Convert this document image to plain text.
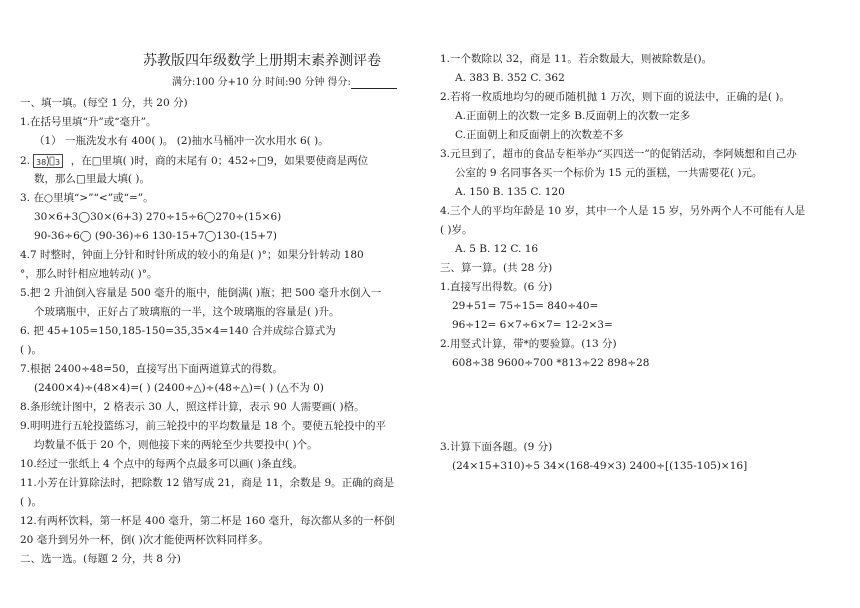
苏教版四年级数学上册期末素养测评卷
满分:100 分+10 分 时间:90 分钟 得分:
一、填一填。(每空 1 分，共 20 分)
1.在括号里填“升”或“毫升”。
（1） 一瓶洗发水有 400( )。 (2)抽水马桶冲一次水用水 6( )。
2. 38 3 ，在□里填( )时，商的末尾有 0；452÷□9，如果要使商是两位
数，那么□里最大填( )。
3. 在○里填“>”“<”或“=”。
30×6+3◯30×(6+3) 270÷15÷6◯270÷(15×6)
90-36÷6◯ (90-36)÷6 130-15+7◯130-(15+7)
4.7 时整时，钟面上分针和时针所成的较小的角是( )°；如果分针转动 180
°，那么时针相应地转动( )°。
5.把 2 升油倒入容量是 500 毫升的瓶中，能倒满( )瓶；把 500 毫升水倒入一
个玻璃瓶中，正好占了玻璃瓶的一半，这个玻璃瓶的容量是( )升。
6. 把 45+105=150,185-150=35,35×4=140 合并成综合算式为
( )。
7.根据 2400÷48=50，直接写出下面两道算式的得数。
(2400×4)÷(48×4)=( ) (2400÷△)÷(48÷△)=( ) (△不为 0)
8.条形统计图中，2 格表示 30 人，照这样计算，表示 90 人需要画( )格。
9.明明进行五轮投篮练习，前三轮投中的平均数量是 18 个。要使五轮投中的平
均数量不低于 20 个，则他接下来的两轮至少共要投中( )个。
10.经过一张纸上 4 个点中的每两个点最多可以画( )条直线。
11.小芳在计算除法时，把除数 12 错写成 21，商是 11，余数是 9。正确的商是
( )。
12.有两杯饮料，第一杯是 400 毫升，第二杯是 160 毫升，每次都从多的一杯倒
20 毫升到另外一杯，倒( )次才能使两杯饮料同样多。
二、选一选。(每题 2 分，共 8 分)
1.一个数除以 32，商是 11。若余数最大，则被除数是()。
A. 383 B. 352 C. 362
2.若将一枚质地均匀的硬币随机抛 1 万次，则下面的说法中，正确的是( )。
A.正面朝上的次数一定多 B.反面朝上的次数一定多
C.正面朝上和反面朝上的次数差不多
3.元旦到了，超市的食品专柜举办“买四送一”的促销活动，李阿姨想和自己办
公室的 9 名同事各买一个标价为 15 元的蛋糕，一共需要花( )元。
A. 150 B. 135 C. 120
4.三个人的平均年龄是 10 岁，其中一个人是 15 岁，另外两个人不可能有人是
( )岁。
A. 5 B. 12 C. 16
三、算一算。(共 28 分)
1.直接写出得数。(6 分)
29+51= 75÷15= 840÷40=
96÷12= 6×7÷6×7= 12-2×3=
2.用竖式计算，带*的要验算。(13 分)
608÷38 9600÷700 *813÷22 898÷28
3.计算下面各题。(9 分)
(24×15+310)÷5 34×(168-49×3) 2400÷[(135-105)×16]
